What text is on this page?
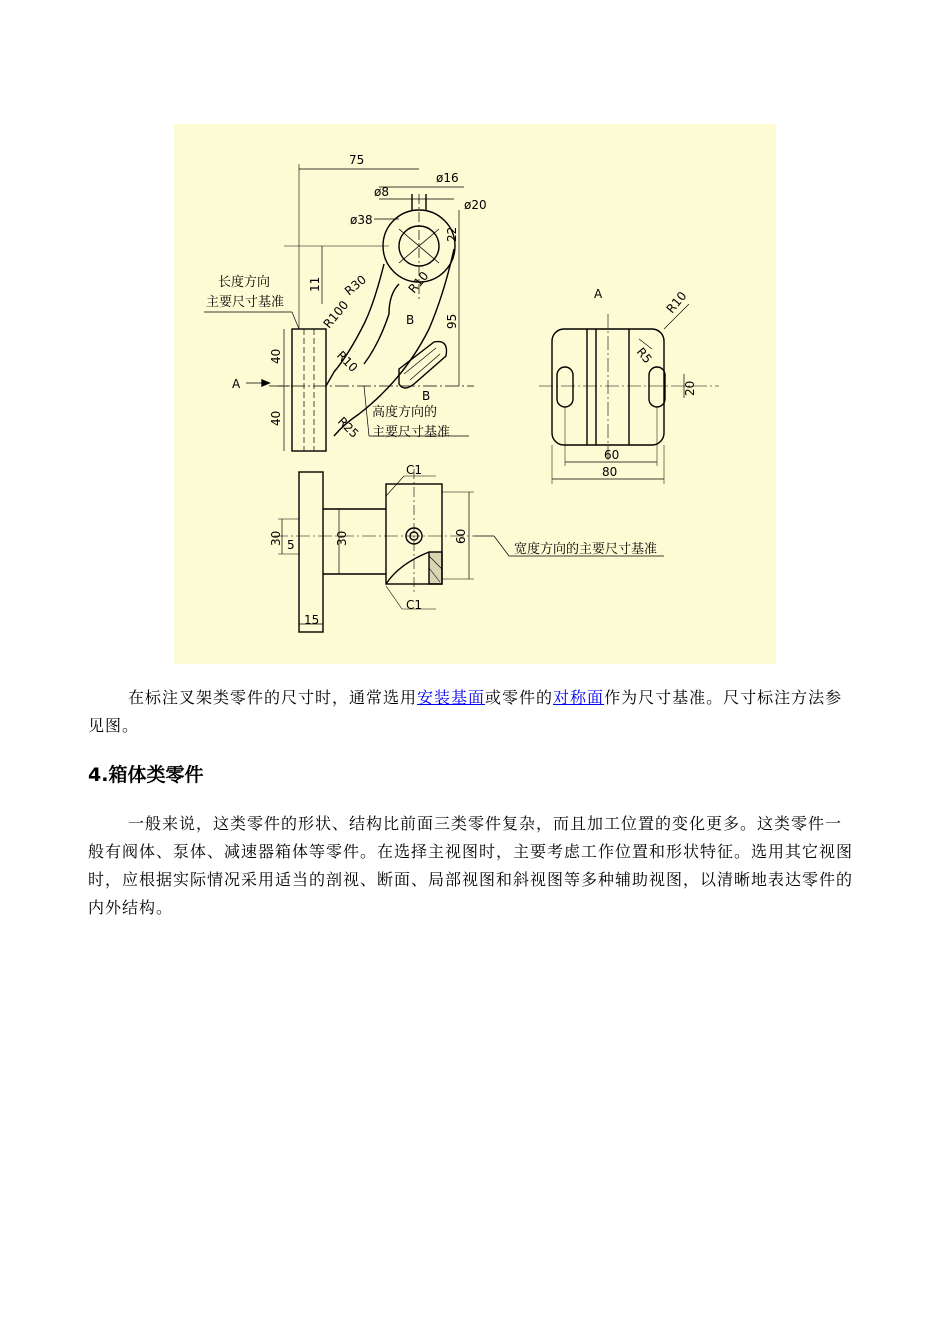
75
ø16
ø8
ø20
ø38
22
11 R30	R10
R100	95
R10
R25
40
40
B
B
A
A	R10
R5
20
60
80
C1
C1
30 5	30	60
15
长度方向
主要尺寸基准
高度方向的
主要尺寸基准
宽度方向的主要尺寸基准

在标注叉架类零件的尺寸时，通常选用安装基面或零件的对称面作为尺寸基准。尺寸标注方法参见图。

4.箱体类零件

一般来说，这类零件的形状、结构比前面三类零件复杂，而且加工位置的变化更多。这类零件一般有阀体、泵体、减速器箱体等零件。在选择主视图时，主要考虑工作位置和形状特征。选用其它视图时，应根据实际情况采用适当的剖视、断面、局部视图和斜视图等多种辅助视图，以清晰地表达零件的内外结构。
